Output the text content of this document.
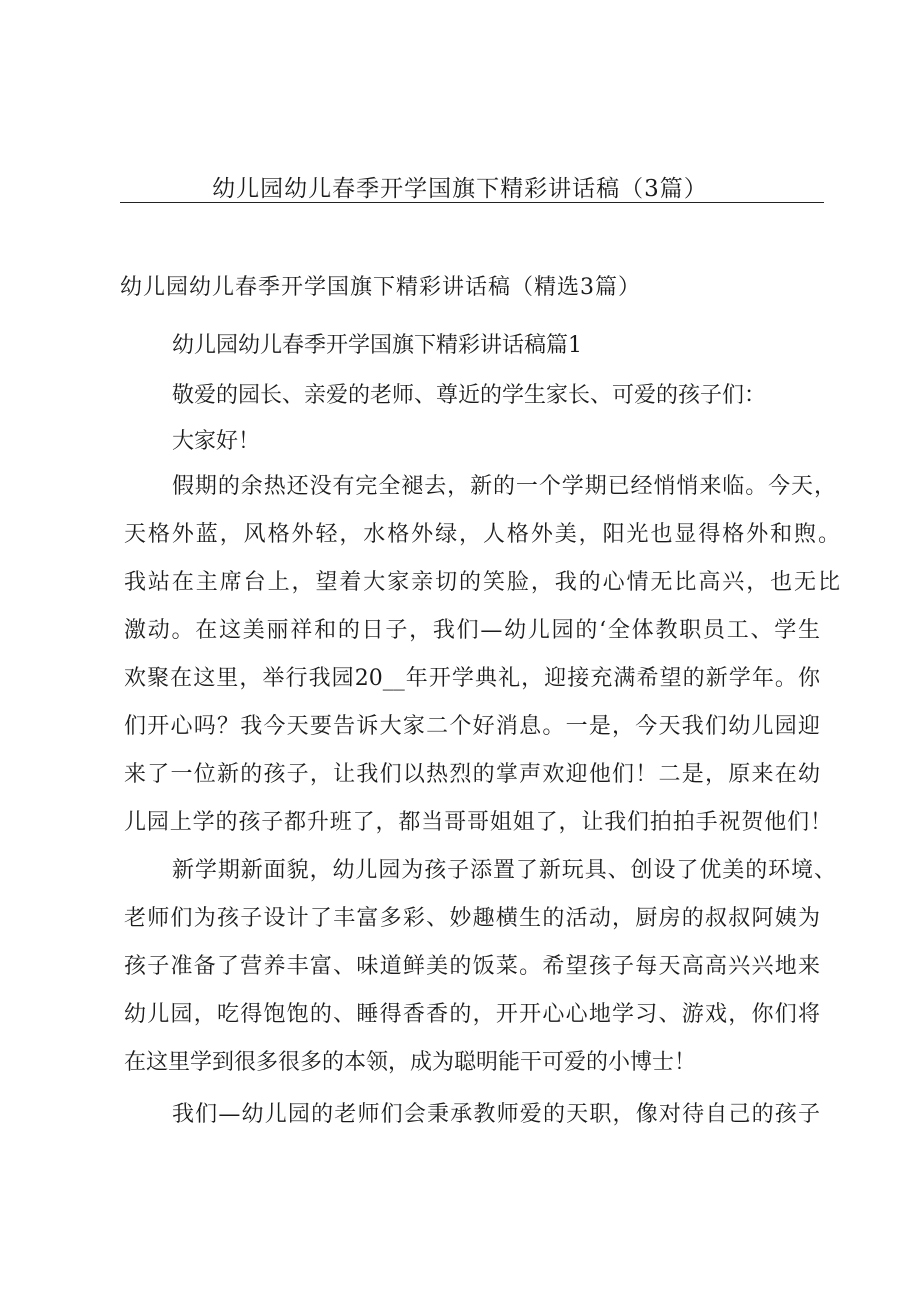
幼儿园幼儿春季开学国旗下精彩讲话稿（3篇）
幼儿园幼儿春季开学国旗下精彩讲话稿（精选3篇）
幼儿园幼儿春季开学国旗下精彩讲话稿篇1
敬爱的园长、亲爱的老师、尊近的学生家长、可爱的孩子们：
大家好！
假期的余热还没有完全褪去，新的一个学期已经悄悄来临。今天，
天格外蓝，风格外轻，水格外绿，人格外美，阳光也显得格外和煦。
我站在主席台上，望着大家亲切的笑脸，我的心情无比高兴，也无比
激动。在这美丽祥和的日子，我们—幼儿园的‘全体教职员工、学生
欢聚在这里，举行我园20__年开学典礼，迎接充满希望的新学年。你
们开心吗？我今天要告诉大家二个好消息。一是，今天我们幼儿园迎
来了一位新的孩子，让我们以热烈的掌声欢迎他们！二是，原来在幼
儿园上学的孩子都升班了，都当哥哥姐姐了，让我们拍拍手祝贺他们！
新学期新面貌，幼儿园为孩子添置了新玩具、创设了优美的环境、
老师们为孩子设计了丰富多彩、妙趣横生的活动，厨房的叔叔阿姨为
孩子准备了营养丰富、味道鲜美的饭菜。希望孩子每天高高兴兴地来
幼儿园，吃得饱饱的、睡得香香的，开开心心地学习、游戏，你们将
在这里学到很多很多的本领，成为聪明能干可爱的小博士！
我们—幼儿园的老师们会秉承教师爱的天职，像对待自己的孩子
